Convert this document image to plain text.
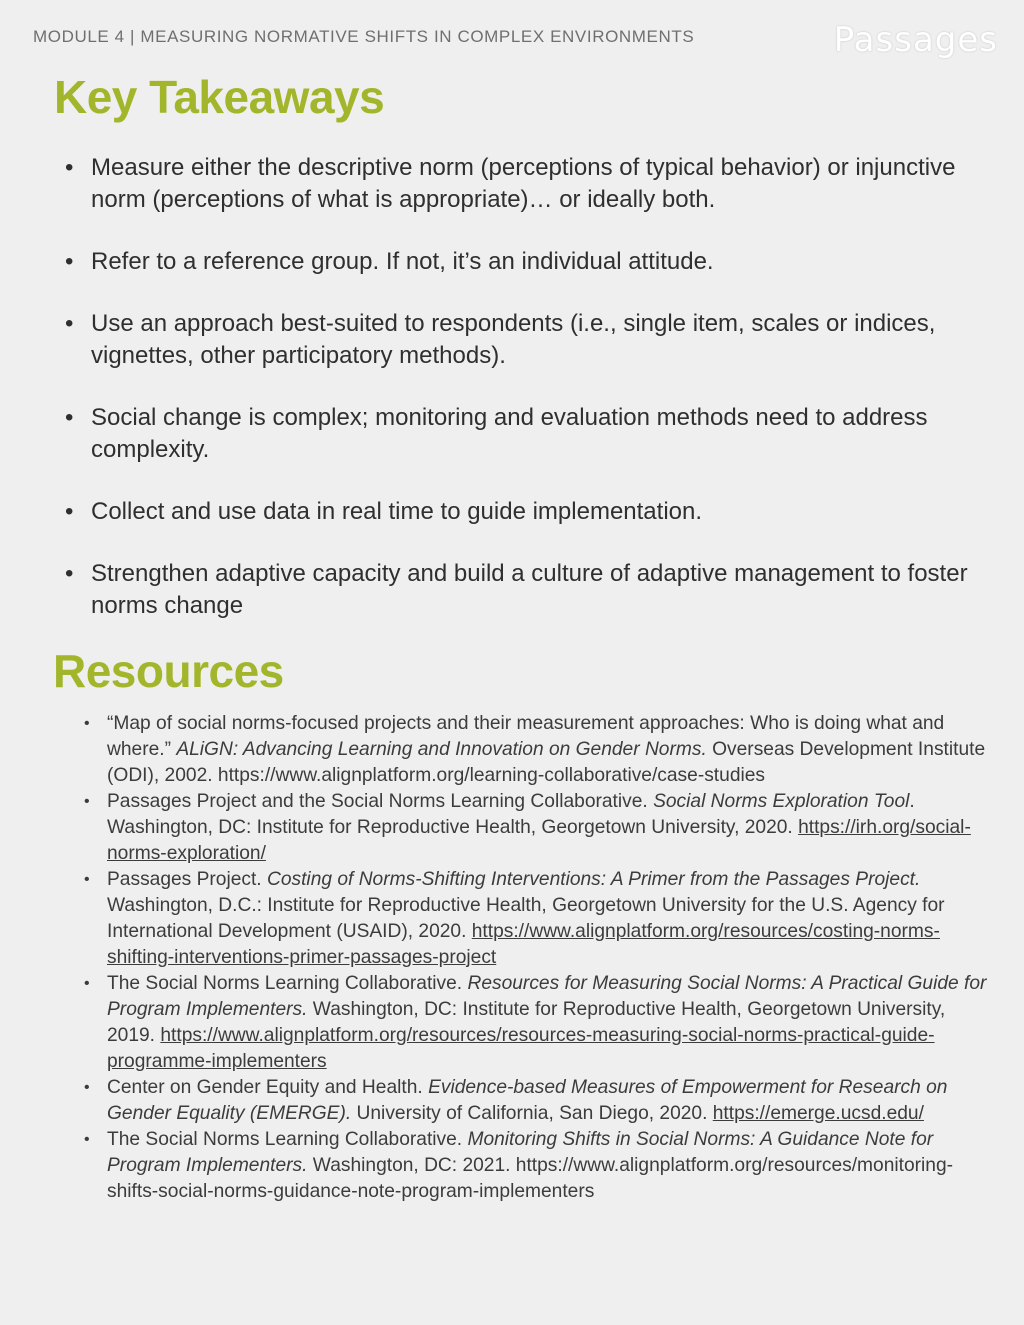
MODULE 4 | MEASURING NORMATIVE SHIFTS IN COMPLEX ENVIRONMENTS	Passages
Key Takeaways
• Measure either the descriptive norm (perceptions of typical behavior) or injunctive norm (perceptions of what is appropriate)… or ideally both.
• Refer to a reference group. If not, it’s an individual attitude.
• Use an approach best-suited to respondents (i.e., single item, scales or indices, vignettes, other participatory methods).
• Social change is complex; monitoring and evaluation methods need to address complexity.
• Collect and use data in real time to guide implementation.
• Strengthen adaptive capacity and build a culture of adaptive management to foster norms change
Resources
• “Map of social norms-focused projects and their measurement approaches: Who is doing what and where.” ALiGN: Advancing Learning and Innovation on Gender Norms. Overseas Development Institute (ODI), 2002. https://www.alignplatform.org/learning-collaborative/case-studies
• Passages Project and the Social Norms Learning Collaborative. Social Norms Exploration Tool. Washington, DC: Institute for Reproductive Health, Georgetown University, 2020. https://irh.org/social-norms-exploration/
• Passages Project. Costing of Norms-Shifting Interventions: A Primer from the Passages Project. Washington, D.C.: Institute for Reproductive Health, Georgetown University for the U.S. Agency for International Development (USAID), 2020. https://www.alignplatform.org/resources/costing-norms-shifting-interventions-primer-passages-project
• The Social Norms Learning Collaborative. Resources for Measuring Social Norms: A Practical Guide for Program Implementers. Washington, DC: Institute for Reproductive Health, Georgetown University, 2019. https://www.alignplatform.org/resources/resources-measuring-social-norms-practical-guide-programme-implementers
• Center on Gender Equity and Health. Evidence-based Measures of Empowerment for Research on Gender Equality (EMERGE). University of California, San Diego, 2020. https://emerge.ucsd.edu/
• The Social Norms Learning Collaborative. Monitoring Shifts in Social Norms: A Guidance Note for Program Implementers. Washington, DC: 2021. https://www.alignplatform.org/resources/monitoring-shifts-social-norms-guidance-note-program-implementers
